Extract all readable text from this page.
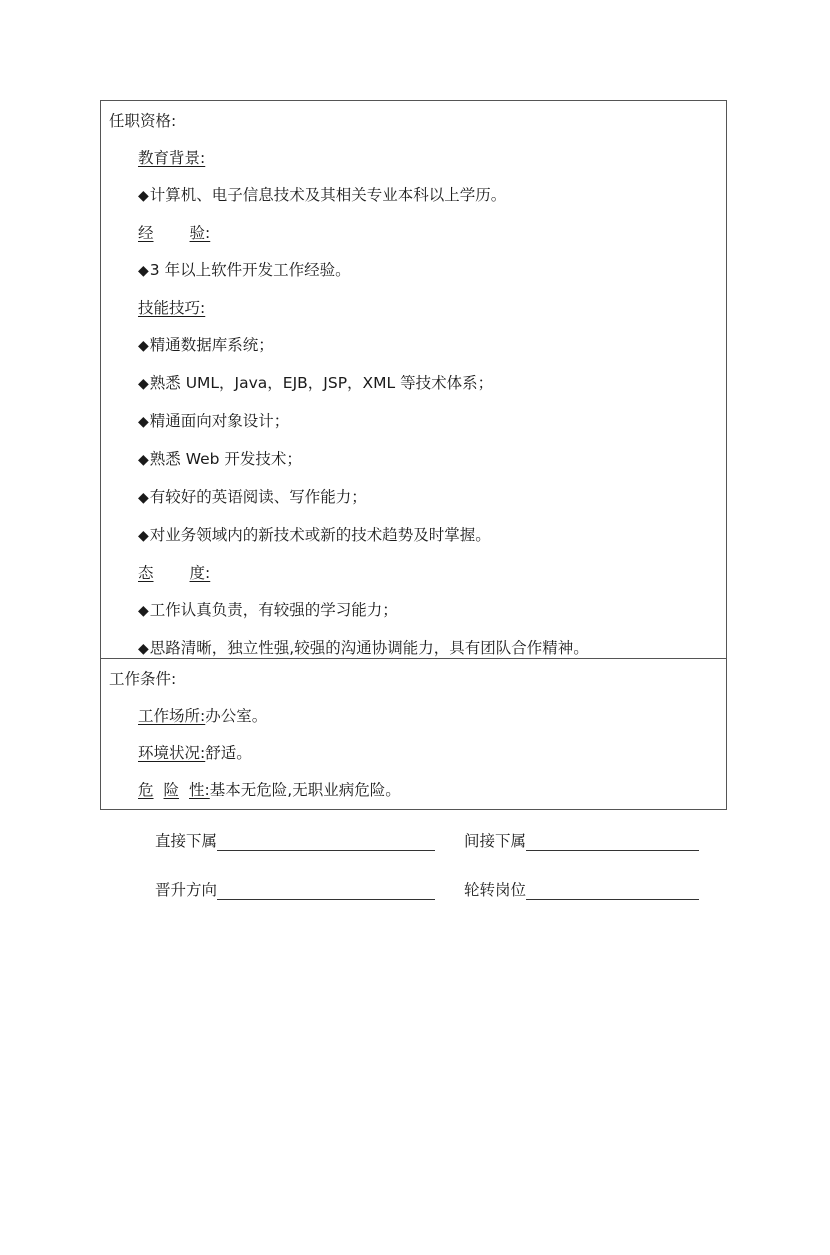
任职资格:
教育背景:
◆计算机、电子信息技术及其相关专业本科以上学历。
经 验:
◆3 年以上软件开发工作经验。
技能技巧:
◆精通数据库系统；
◆熟悉 UML，Java，EJB，JSP，XML 等技术体系；
◆精通面向对象设计；
◆熟悉 Web 开发技术；
◆有较好的英语阅读、写作能力；
◆对业务领域内的新技术或新的技术趋势及时掌握。
态 度:
◆工作认真负责，有较强的学习能力；
◆思路清晰，独立性强,较强的沟通协调能力，具有团队合作精神。
工作条件:
工作场所:办公室。
环境状况:舒适。
危 险 性:基本无危险,无职业病危险。
直接下属	间接下属
晋升方向	轮转岗位
